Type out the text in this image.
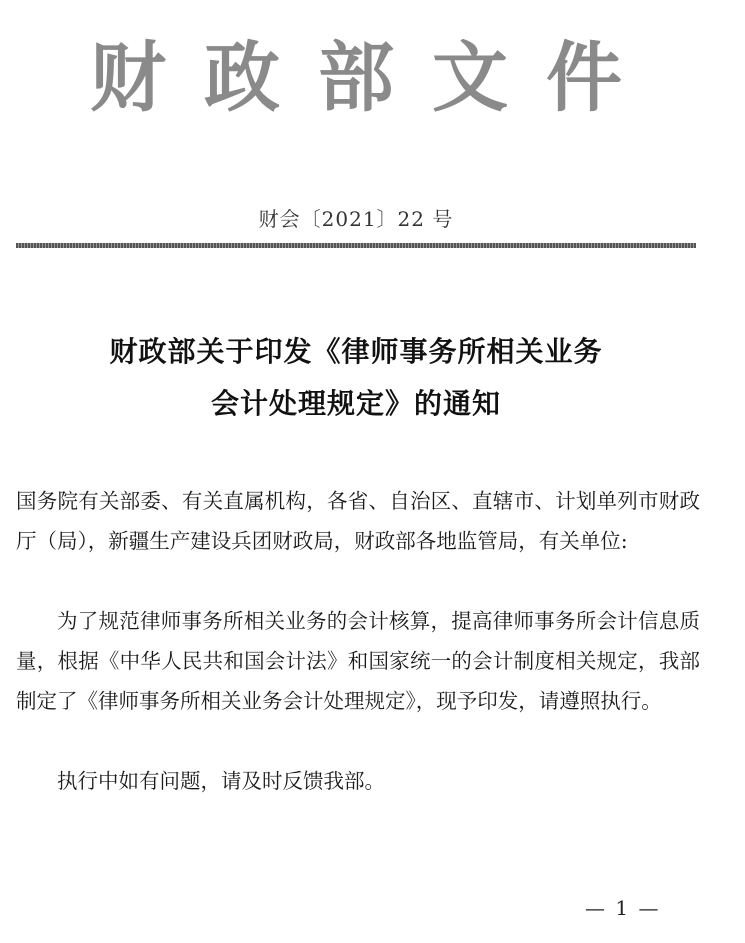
财政部文件
财会〔2021〕22 号
财政部关于印发《律师事务所相关业务
会计处理规定》的通知
国务院有关部委、有关直属机构，各省、自治区、直辖市、计划单列市财政厅（局），新疆生产建设兵团财政局，财政部各地监管局，有关单位:
为了规范律师事务所相关业务的会计核算，提高律师事务所会计信息质量，根据《中华人民共和国会计法》和国家统一的会计制度相关规定，我部制定了《律师事务所相关业务会计处理规定》，现予印发，请遵照执行。
执行中如有问题，请及时反馈我部。
— 1 —
